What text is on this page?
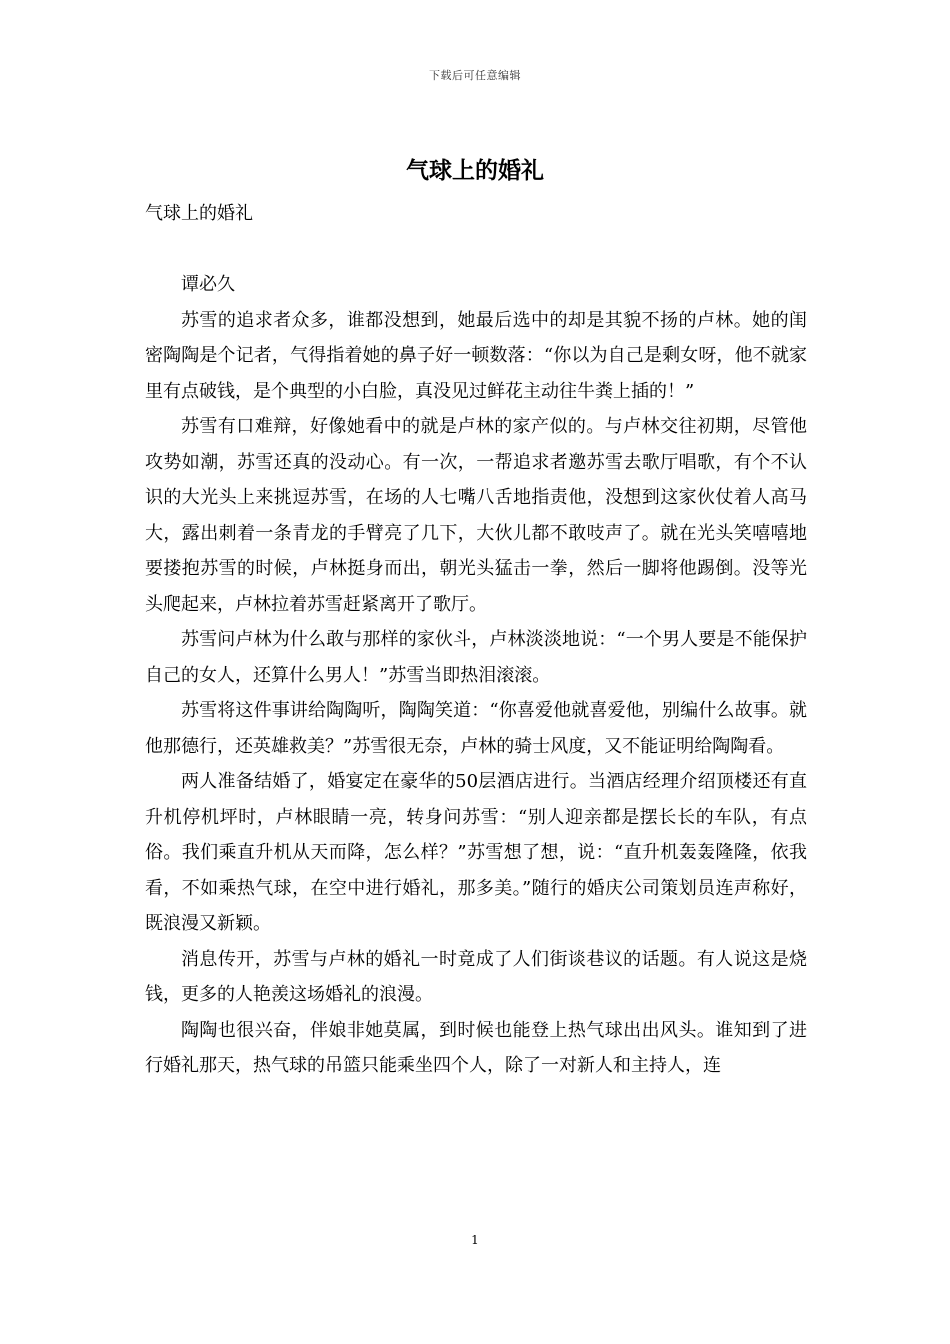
下载后可任意编辑
气球上的婚礼

气球上的婚礼

谭必久

苏雪的追求者众多，谁都没想到，她最后选中的却是其貌不扬的卢林。她的闺密陶陶是个记者，气得指着她的鼻子好一顿数落：“你以为自己是剩女呀，他不就家里有点破钱，是个典型的小白脸，真没见过鲜花主动往牛粪上插的！”

苏雪有口难辩，好像她看中的就是卢林的家产似的。与卢林交往初期，尽管他攻势如潮，苏雪还真的没动心。有一次，一帮追求者邀苏雪去歌厅唱歌，有个不认识的大光头上来挑逗苏雪，在场的人七嘴八舌地指责他，没想到这家伙仗着人高马大，露出刺着一条青龙的手臂亮了几下，大伙儿都不敢吱声了。就在光头笑嘻嘻地要搂抱苏雪的时候，卢林挺身而出，朝光头猛击一拳，然后一脚将他踢倒。没等光头爬起来，卢林拉着苏雪赶紧离开了歌厅。

苏雪问卢林为什么敢与那样的家伙斗，卢林淡淡地说：“一个男人要是不能保护自己的女人，还算什么男人！”苏雪当即热泪滚滚。

苏雪将这件事讲给陶陶听，陶陶笑道：“你喜爱他就喜爱他，别编什么故事。就他那德行，还英雄救美？”苏雪很无奈，卢林的骑士风度，又不能证明给陶陶看。

两人准备结婚了，婚宴定在豪华的50层酒店进行。当酒店经理介绍顶楼还有直升机停机坪时，卢林眼睛一亮，转身问苏雪：“别人迎亲都是摆长长的车队，有点俗。我们乘直升机从天而降，怎么样？”苏雪想了想，说：“直升机轰轰隆隆，依我看，不如乘热气球，在空中进行婚礼，那多美。”随行的婚庆公司策划员连声称好，既浪漫又新颖。

消息传开，苏雪与卢林的婚礼一时竟成了人们街谈巷议的话题。有人说这是烧钱，更多的人艳羡这场婚礼的浪漫。

陶陶也很兴奋，伴娘非她莫属，到时候也能登上热气球出出风头。谁知到了进行婚礼那天，热气球的吊篮只能乘坐四个人，除了一对新人和主持人，连

1
